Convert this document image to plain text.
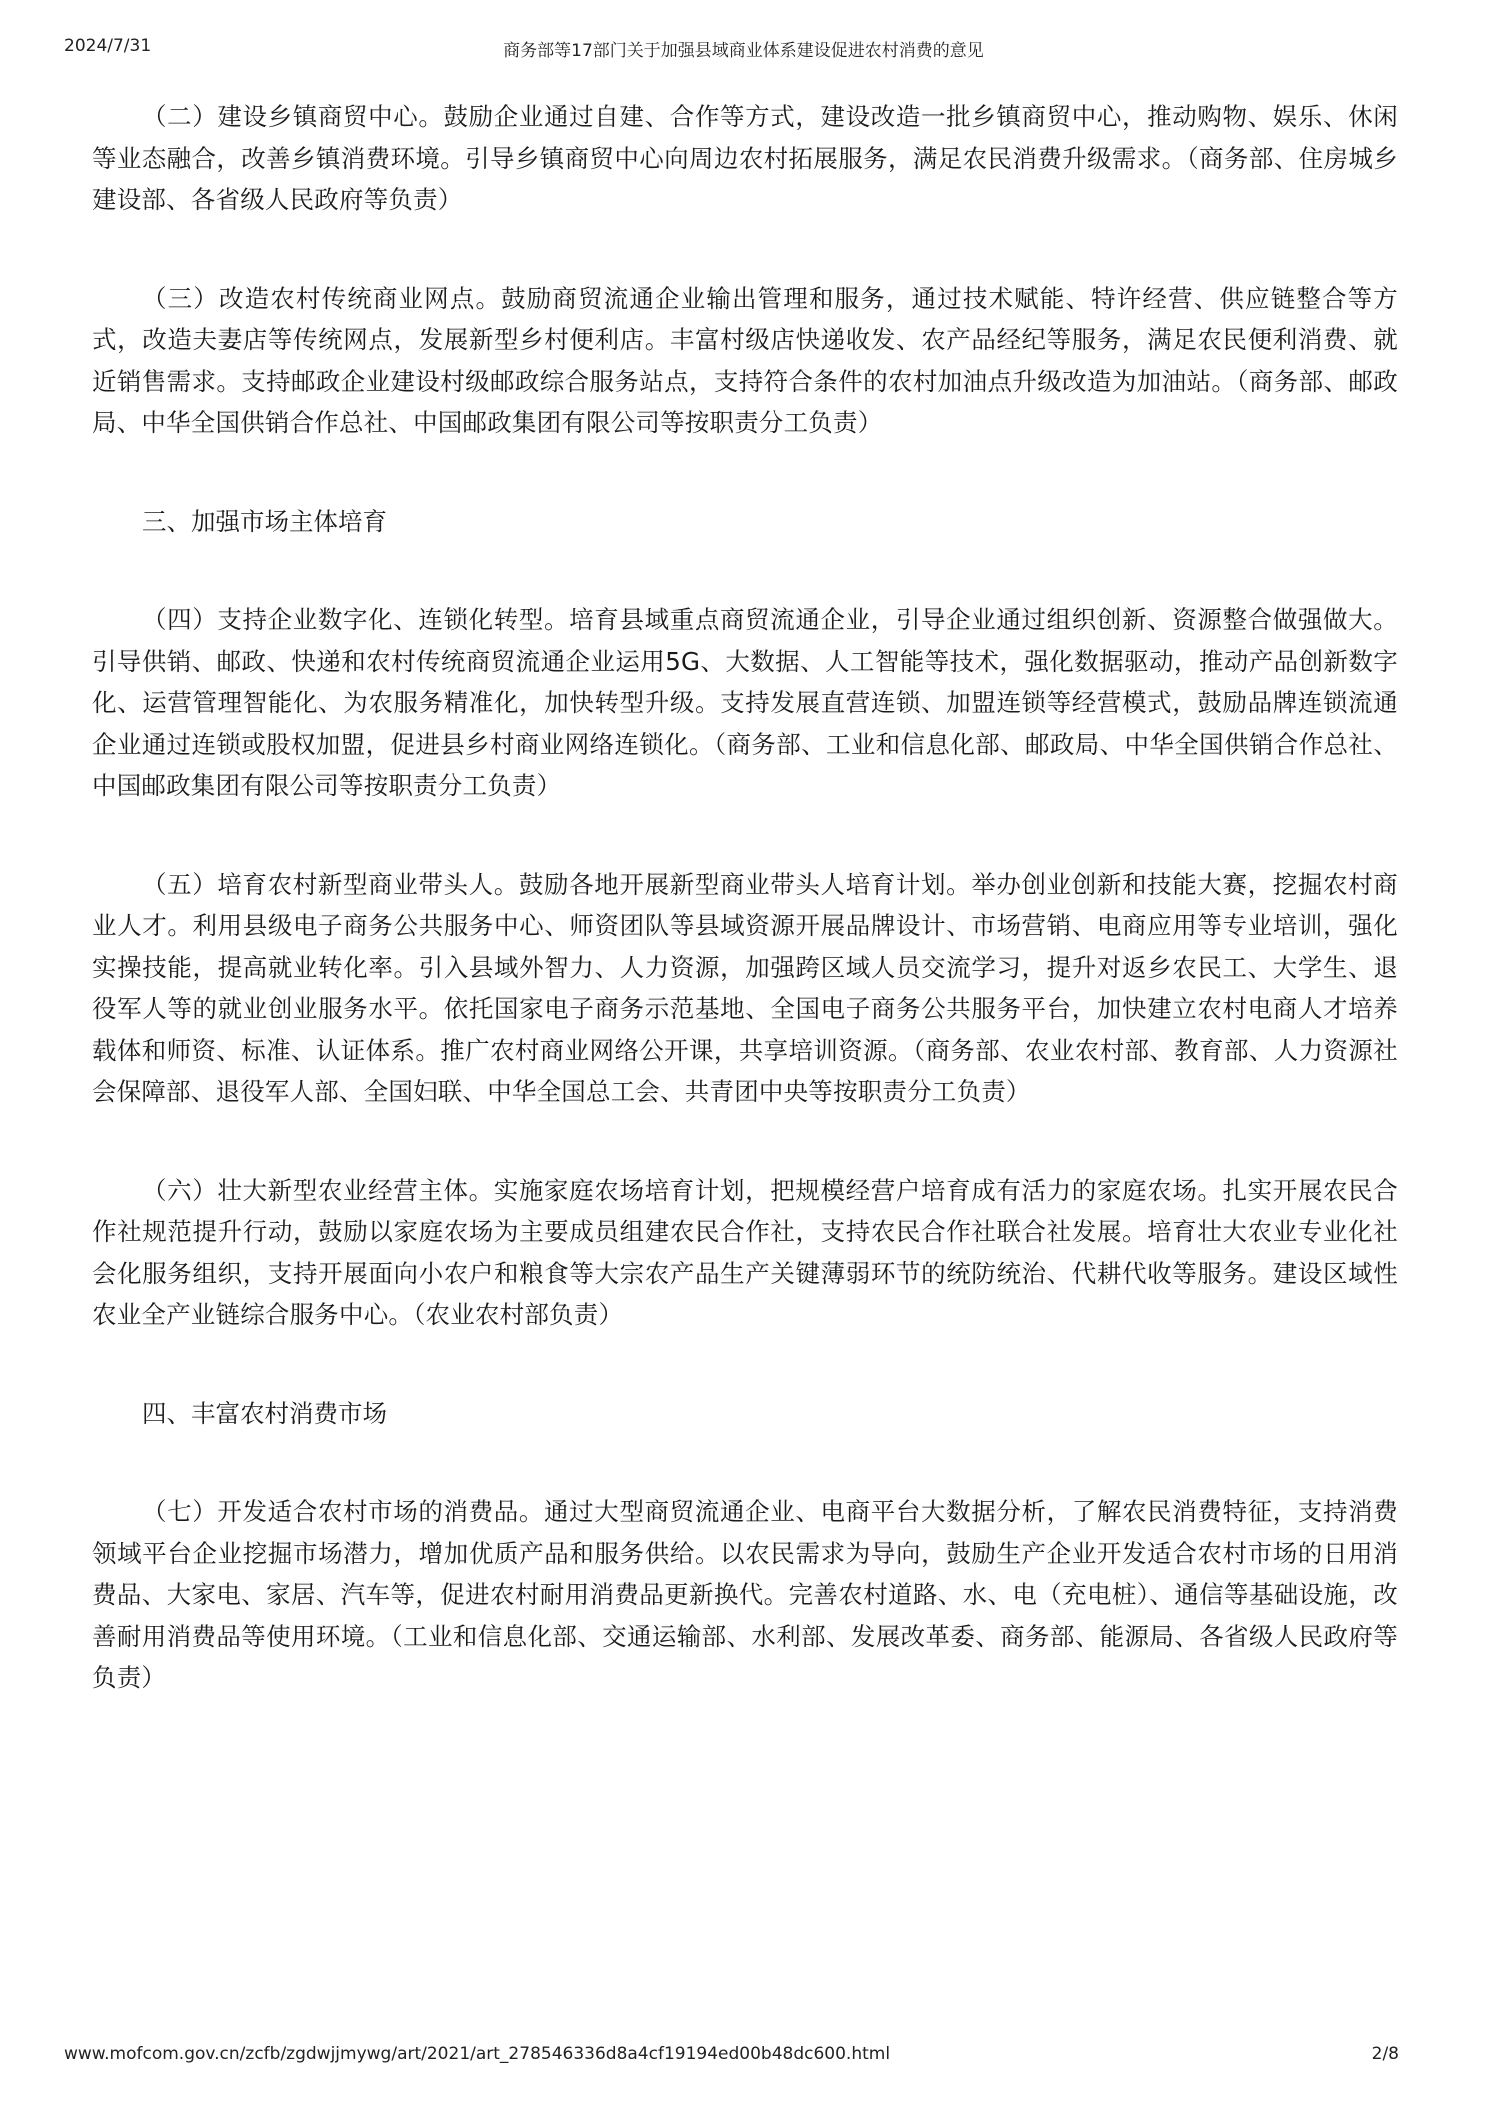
2024/7/31	商务部等17部门关于加强县域商业体系建设促进农村消费的意见

（二）建设乡镇商贸中心。鼓励企业通过自建、合作等方式，建设改造一批乡镇商贸中心，推动购物、娱乐、休闲等业态融合，改善乡镇消费环境。引导乡镇商贸中心向周边农村拓展服务，满足农民消费升级需求。（商务部、住房城乡建设部、各省级人民政府等负责）

（三）改造农村传统商业网点。鼓励商贸流通企业输出管理和服务，通过技术赋能、特许经营、供应链整合等方式，改造夫妻店等传统网点，发展新型乡村便利店。丰富村级店快递收发、农产品经纪等服务，满足农民便利消费、就近销售需求。支持邮政企业建设村级邮政综合服务站点，支持符合条件的农村加油点升级改造为加油站。（商务部、邮政局、中华全国供销合作总社、中国邮政集团有限公司等按职责分工负责）

三、加强市场主体培育

（四）支持企业数字化、连锁化转型。培育县域重点商贸流通企业，引导企业通过组织创新、资源整合做强做大。引导供销、邮政、快递和农村传统商贸流通企业运用5G、大数据、人工智能等技术，强化数据驱动，推动产品创新数字化、运营管理智能化、为农服务精准化，加快转型升级。支持发展直营连锁、加盟连锁等经营模式，鼓励品牌连锁流通企业通过连锁或股权加盟，促进县乡村商业网络连锁化。（商务部、工业和信息化部、邮政局、中华全国供销合作总社、中国邮政集团有限公司等按职责分工负责）

（五）培育农村新型商业带头人。鼓励各地开展新型商业带头人培育计划。举办创业创新和技能大赛，挖掘农村商业人才。利用县级电子商务公共服务中心、师资团队等县域资源开展品牌设计、市场营销、电商应用等专业培训，强化实操技能，提高就业转化率。引入县域外智力、人力资源，加强跨区域人员交流学习，提升对返乡农民工、大学生、退役军人等的就业创业服务水平。依托国家电子商务示范基地、全国电子商务公共服务平台，加快建立农村电商人才培养载体和师资、标准、认证体系。推广农村商业网络公开课，共享培训资源。（商务部、农业农村部、教育部、人力资源社会保障部、退役军人部、全国妇联、中华全国总工会、共青团中央等按职责分工负责）

（六）壮大新型农业经营主体。实施家庭农场培育计划，把规模经营户培育成有活力的家庭农场。扎实开展农民合作社规范提升行动，鼓励以家庭农场为主要成员组建农民合作社，支持农民合作社联合社发展。培育壮大农业专业化社会化服务组织，支持开展面向小农户和粮食等大宗农产品生产关键薄弱环节的统防统治、代耕代收等服务。建设区域性农业全产业链综合服务中心。（农业农村部负责）

四、丰富农村消费市场

（七）开发适合农村市场的消费品。通过大型商贸流通企业、电商平台大数据分析，了解农民消费特征，支持消费领域平台企业挖掘市场潜力，增加优质产品和服务供给。以农民需求为导向，鼓励生产企业开发适合农村市场的日用消费品、大家电、家居、汽车等，促进农村耐用消费品更新换代。完善农村道路、水、电（充电桩）、通信等基础设施，改善耐用消费品等使用环境。（工业和信息化部、交通运输部、水利部、发展改革委、商务部、能源局、各省级人民政府等负责）

www.mofcom.gov.cn/zcfb/zgdwjjmywg/art/2021/art_278546336d8a4cf19194ed00b48dc600.html	2/8
